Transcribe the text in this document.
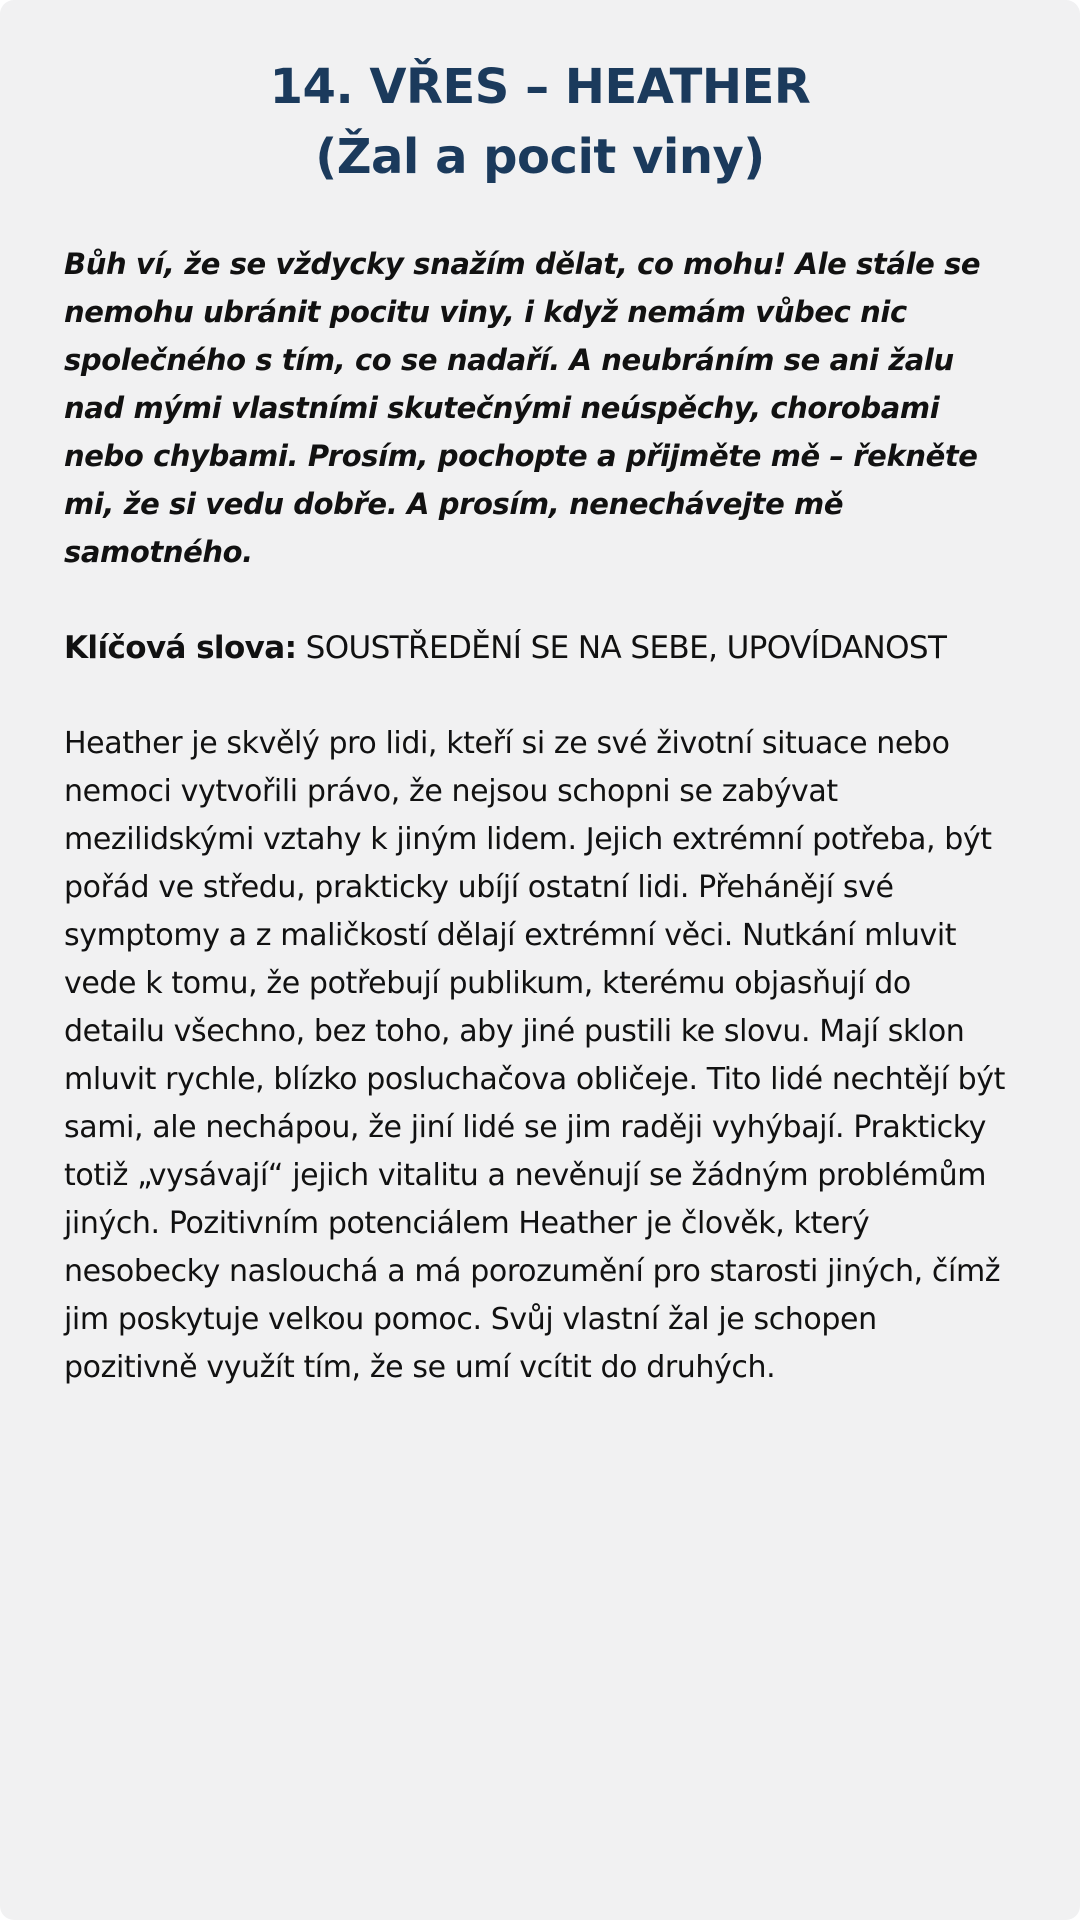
14. VŘES – HEATHER
(Žal a pocit viny)

Bůh ví, že se vždycky snažím dělat, co mohu! Ale stále se nemohu ubránit pocitu viny, i když nemám vůbec nic společného s tím, co se nadaří. A neubráním se ani žalu nad mými vlastními skutečnými neúspěchy, chorobami nebo chybami. Prosím, pochopte a přijměte mě – řekněte mi, že si vedu dobře. A prosím, nenechávejte mě samotného.

Klíčová slova: SOUSTŘEDĚNÍ SE NA SEBE, UPOVÍDANOST

Heather je skvělý pro lidi, kteří si ze své životní situace nebo nemoci vytvořili právo, že nejsou schopni se zabývat mezilidskými vztahy k jiným lidem. Jejich extrémní potřeba, být pořád ve středu, prakticky ubíjí ostatní lidi. Přehánějí své symptomy a z maličkostí dělají extrémní věci. Nutkání mluvit vede k tomu, že potřebují publikum, kterému objasňují do detailu všechno, bez toho, aby jiné pustili ke slovu. Mají sklon mluvit rychle, blízko posluchačova obličeje. Tito lidé nechtějí být sami, ale nechápou, že jiní lidé se jim raději vyhýbají. Prakticky totiž „vysávají“ jejich vitalitu a nevěnují se žádným problémům jiných. Pozitivním potenciálem Heather je člověk, který nesobecky naslouchá a má porozumění pro starosti jiných, čímž jim poskytuje velkou pomoc. Svůj vlastní žal je schopen pozitivně využít tím, že se umí vcítit do druhých.
